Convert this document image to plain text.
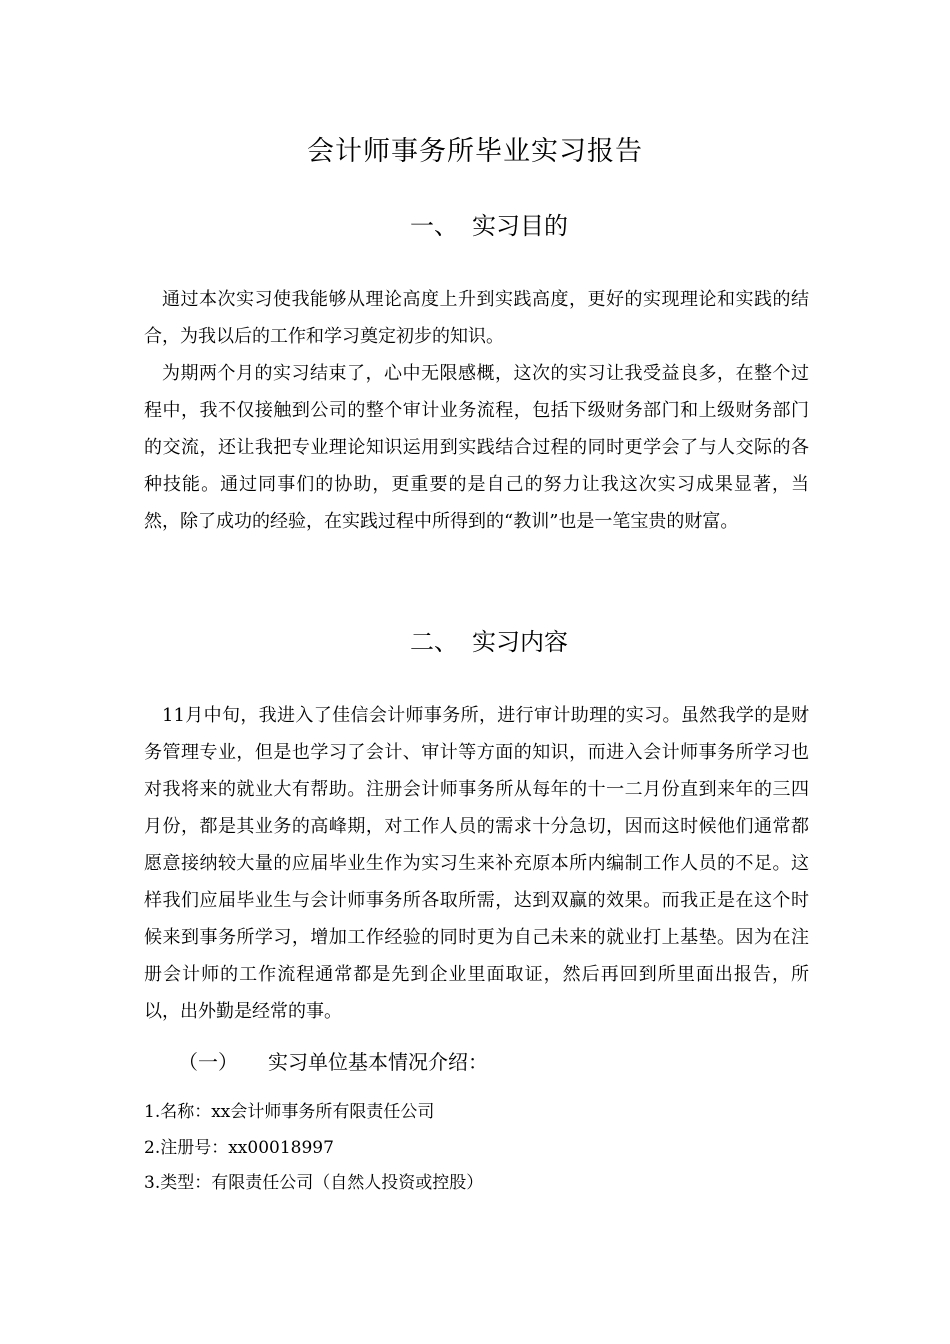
会计师事务所毕业实习报告
一、 实习目的
通过本次实习使我能够从理论高度上升到实践高度，更好的实现理论和实践的结合，为我以后的工作和学习奠定初步的知识。
为期两个月的实习结束了，心中无限感概，这次的实习让我受益良多，在整个过程中，我不仅接触到公司的整个审计业务流程，包括下级财务部门和上级财务部门的交流，还让我把专业理论知识运用到实践结合过程的同时更学会了与人交际的各种技能。通过同事们的协助，更重要的是自己的努力让我这次实习成果显著，当然，除了成功的经验，在实践过程中所得到的“教训”也是一笔宝贵的财富。
二、 实习内容
11月中旬，我进入了佳信会计师事务所，进行审计助理的实习。虽然我学的是财务管理专业，但是也学习了会计、审计等方面的知识，而进入会计师事务所学习也对我将来的就业大有帮助。注册会计师事务所从每年的十一二月份直到来年的三四月份，都是其业务的高峰期，对工作人员的需求十分急切，因而这时候他们通常都愿意接纳较大量的应届毕业生作为实习生来补充原本所内编制工作人员的不足。这样我们应届毕业生与会计师事务所各取所需，达到双赢的效果。而我正是在这个时候来到事务所学习，增加工作经验的同时更为自己未来的就业打上基垫。因为在注册会计师的工作流程通常都是先到企业里面取证，然后再回到所里面出报告，所以，出外勤是经常的事。
（一） 实习单位基本情况介绍：
1.名称：xx会计师事务所有限责任公司
2.注册号：xx00018997
3.类型：有限责任公司（自然人投资或控股）
